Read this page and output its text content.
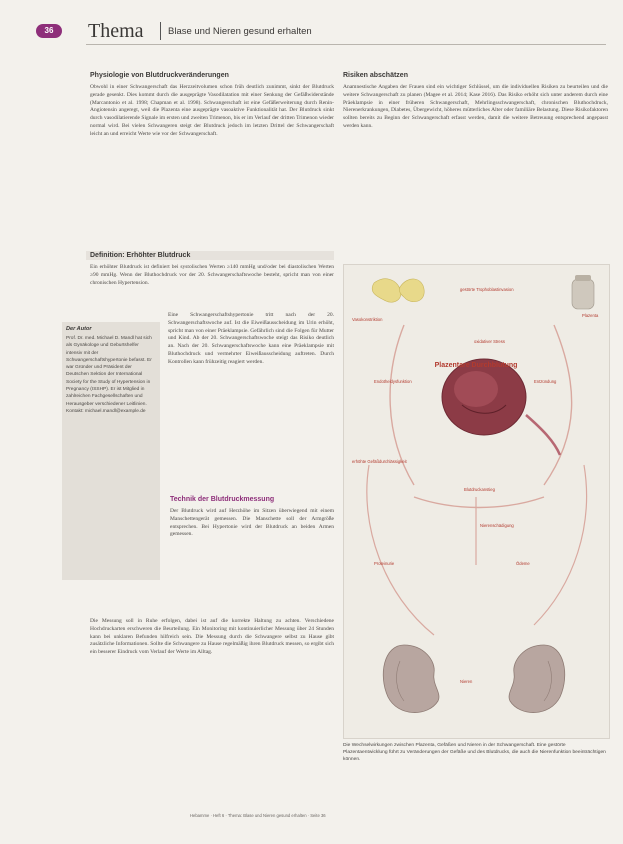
36	Thema	Blase und Nieren gesund erhalten
Physiologie von Blutdruckveränderungen
Obwohl in einer Schwangerschaft das Herzzeitvolumen schon früh deutlich zunimmt, sinkt der Blutdruck gerade gesenkt. Dies kommt durch die ausgeprägte Vasodilatation mit einer Senkung der Gefäßwiderstände (Marcantonio et al. 1998; Chapman et al. 1998). Schwangerschaft ist eine Gefäßerweiterung durch Renin-Angiotensin angeregt, weil die Plazenta eine ausgeprägte vasoaktive Funktionalität hat. Der Blutdruck sinkt durch vasodilatierende Signale im ersten und zweiten Trimenon, bis er im Verlauf der dritten Trimenon wieder normal wird. Bei vielen Schwangeren steigt der Blutdruck jedoch im letzten Drittel der Schwangerschaft leicht an und erreicht Werte wie vor der Schwangerschaft.
Definition: Erhöhter Blutdruck
Ein erhöhter Blutdruck ist definiert bei systolischen Werten ≥140 mmHg und/oder bei diastolischen Werten ≥90 mmHg. Wenn der Bluthochdruck vor der 20. Schwangerschaftswoche besteht, spricht man von einer chronischen Hypertension.
Eine Schwangerschaftshypertonie tritt nach der 20. Schwangerschaftswoche auf. Ist die Eiweißausscheidung im Urin erhöht, spricht man von einer Präeklampsie. Gefährlich sind die Folgen für Mutter und Kind. Ab der 20. Schwangerschaftswoche steigt das Risiko deutlich an. Nach der 20. Schwangerschaftswoche kann eine Präeklampsie mit Bluthochdruck und vermehrter Eiweißausscheidung auftreten. Durch Kontrollen kann frühzeitig reagiert werden.
Technik der Blutdruckmessung
Der Blutdruck wird auf Herzhöhe im Sitzen überwiegend mit einem Manschettengerät gemessen. Die Manschette soll der Armgröße entsprechen. Bei Hypertonie wird der Blutdruck an beiden Armen gemessen.
Die Messung soll in Ruhe erfolgen, dabei ist auf die korrekte Haltung zu achten. Verschiedene Hochdruckarten erschweren die Beurteilung. Ein Monitoring mit kontinuierlicher Messung über 24 Stunden kann bei unklaren Befunden hilfreich sein. Die Messung durch die Schwangere selbst zu Hause gibt zusätzliche Informationen. Sollte die Schwangere zu Hause regelmäßig ihren Blutdruck messen, so ergibt sich ein besserer Eindruck vom Verlauf der Werte im Alltag.
Der Autor
Prof. Dr. med. Michael D. Mandl hat sich als Gynäkologe und Geburtshelfer intensiv mit der Schwangerschaftshypertonie befasst. Er war Gründer und Präsident der Deutschen Sektion der International Society for the Study of Hypertension in Pregnancy (ISSHP). Er ist Mitglied in zahlreichen Fachgesellschaften und Herausgeber verschiedener Leitlinien. Kontakt: michael.mandl@example.de
Risiken abschätzen
Anamnestische Angaben der Frauen sind ein wichtiger Schlüssel, um die individuellen Risiken zu beurteilen und die weitere Schwangerschaft zu planen (Magee et al. 2014; Kase 2016). Das Risiko erhöht sich unter anderem durch eine Präeklampsie in einer früheren Schwangerschaft, Mehrlingsschwangerschaft, chronischen Bluthochdruck, Nierenerkrankungen, Diabetes, Übergewicht, höheres mütterliches Alter oder familiäre Belastung. Diese Risikofaktoren sollten bereits zu Beginn der Schwangerschaft erfasst werden, damit die weitere Betreuung entsprechend angepasst werden kann.
gestörte Trophoblastinvasion
Vasokonstriktion
oxidativer Stress
Endotheldysfunktion	Entzündung
erhöhte Gefäßdurchlässigkeit
Nierenschädigung
Proteinurie	Ödeme
Plazenta
Blutdruckanstieg
Nieren
Plazentare Durchblutung
Die Wechselwirkungen zwischen Plazenta, Gefäßen und Nieren in der Schwangerschaft. Eine gestörte Plazentaentwicklung führt zu Veränderungen der Gefäße und des Blutdrucks, die auch die Nierenfunktion beeinträchtigen können.
Hebamme · Heft 6 · Thema: Blase und Nieren gesund erhalten · Seite 36
